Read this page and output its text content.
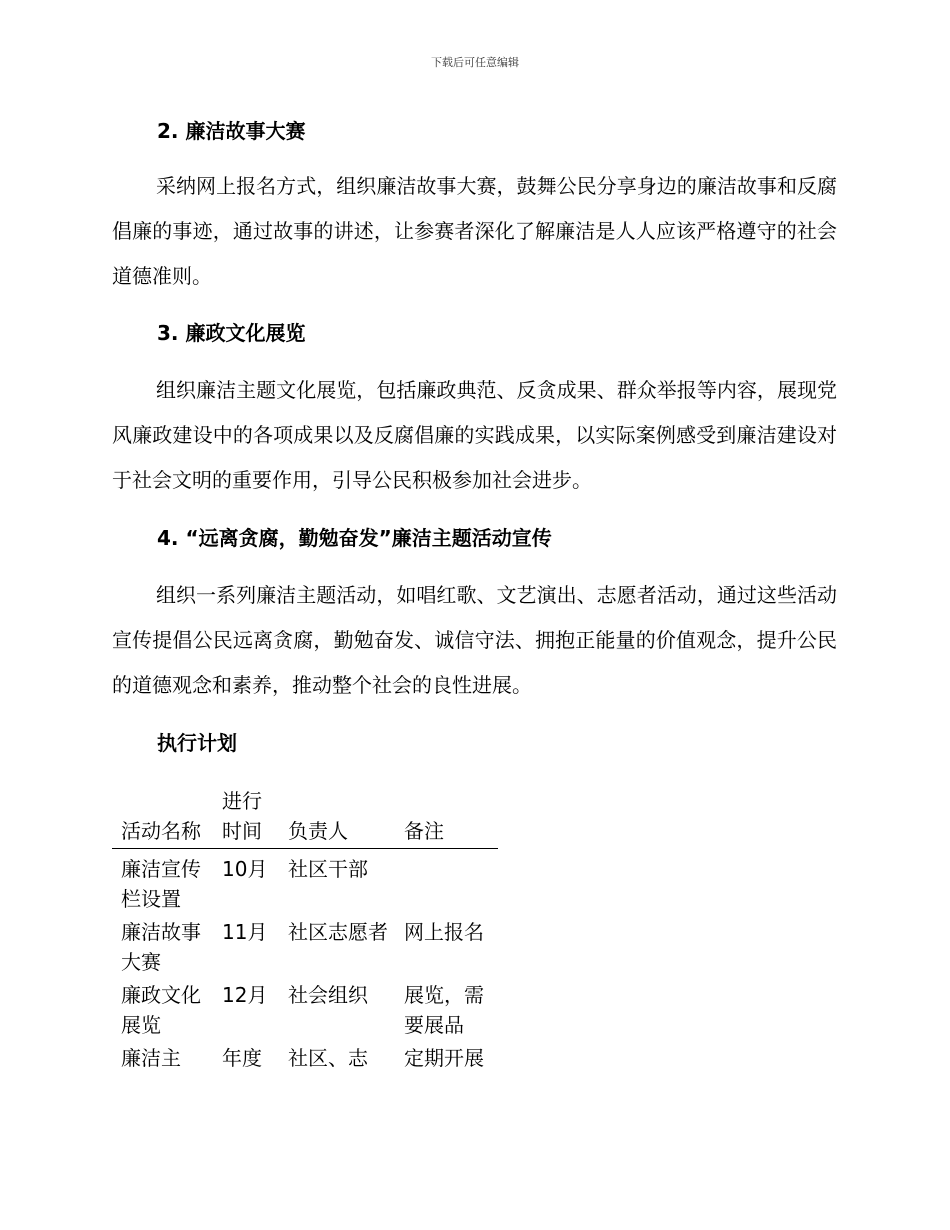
下载后可任意编辑
2. 廉洁故事大赛
采纳网上报名方式，组织廉洁故事大赛，鼓舞公民分享身边的廉洁故事和反腐倡廉的事迹，通过故事的讲述，让参赛者深化了解廉洁是人人应该严格遵守的社会道德准则。
3. 廉政文化展览
组织廉洁主题文化展览，包括廉政典范、反贪成果、群众举报等内容，展现党风廉政建设中的各项成果以及反腐倡廉的实践成果，以实际案例感受到廉洁建设对于社会文明的重要作用，引导公民积极参加社会进步。
4. “远离贪腐，勤勉奋发”廉洁主题活动宣传
组织一系列廉洁主题活动，如唱红歌、文艺演出、志愿者活动，通过这些活动宣传提倡公民远离贪腐，勤勉奋发、诚信守法、拥抱正能量的价值观念，提升公民的道德观念和素养，推动整个社会的良性进展。
执行计划
活动名称	进行时间	负责人	备注
廉洁宣传栏设置	10月	社区干部	
廉洁故事大赛	11月	社区志愿者	网上报名
廉政文化展览	12月	社会组织	展览，需要展品
廉洁主	年度	社区、志	定期开展
